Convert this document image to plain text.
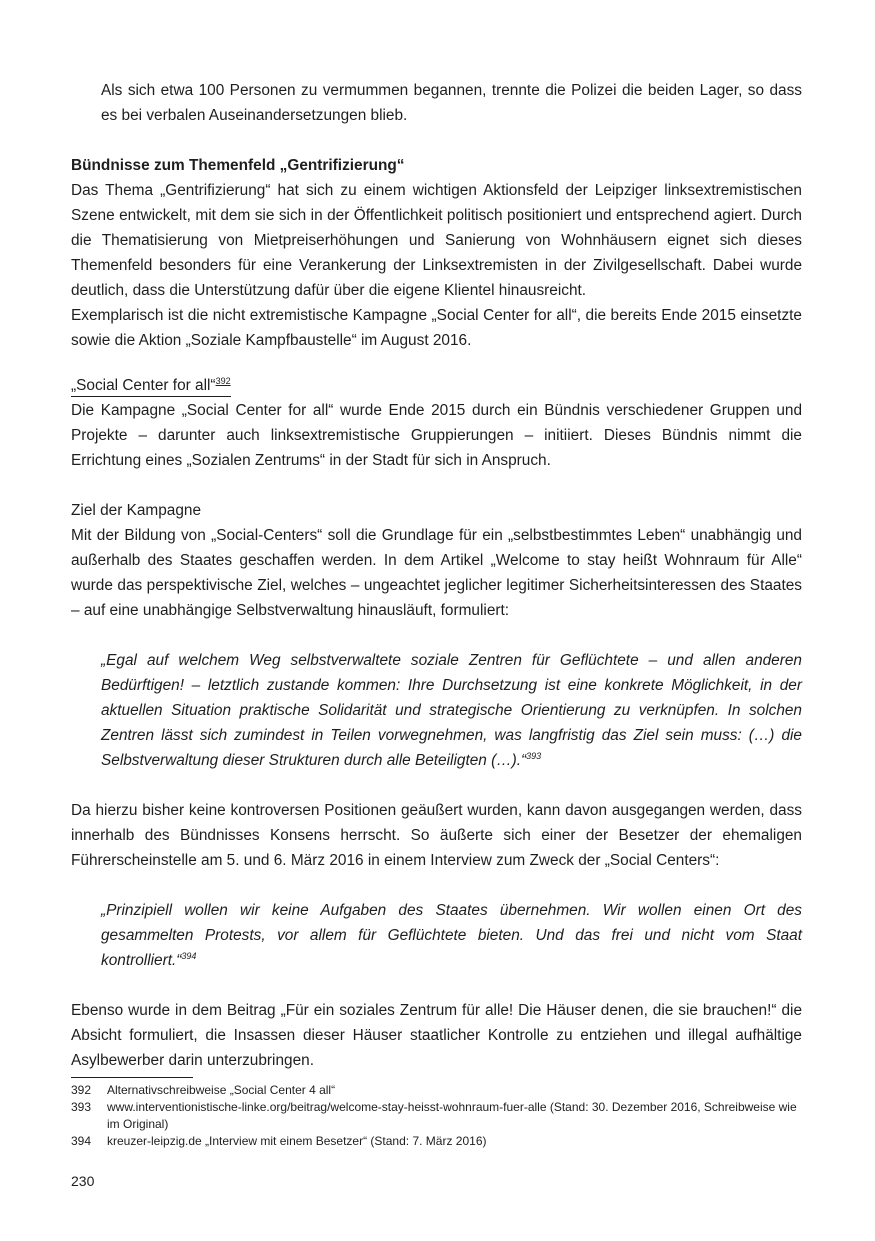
Als sich etwa 100 Personen zu vermummen begannen, trennte die Polizei die beiden Lager, so dass es bei verbalen Auseinandersetzungen blieb.

Bündnisse zum Themenfeld „Gentrifizierung“

Das Thema „Gentrifizierung“ hat sich zu einem wichtigen Aktionsfeld der Leipziger linksextremistischen Szene entwickelt, mit dem sie sich in der Öffentlichkeit politisch positioniert und entsprechend agiert. Durch die Thematisierung von Mietpreiserhöhungen und Sanierung von Wohnhäusern eignet sich dieses Themenfeld besonders für eine Verankerung der Linksextremisten in der Zivilgesellschaft. Dabei wurde deutlich, dass die Unterstützung dafür über die eigene Klientel hinausreicht.

Exemplarisch ist die nicht extremistische Kampagne „Social Center for all“, die bereits Ende 2015 einsetzte sowie die Aktion „Soziale Kampfbaustelle“ im August 2016.

„Social Center for all“$^{392}$

Die Kampagne „Social Center for all“ wurde Ende 2015 durch ein Bündnis verschiedener Gruppen und Projekte – darunter auch linksextremistische Gruppierungen – initiiert. Dieses Bündnis nimmt die Errichtung eines „Sozialen Zentrums“ in der Stadt für sich in Anspruch.

Ziel der Kampagne

Mit der Bildung von „Social-Centers“ soll die Grundlage für ein „selbstbestimmtes Leben“ unabhängig und außerhalb des Staates geschaffen werden. In dem Artikel „Welcome to stay heißt Wohnraum für Alle“ wurde das perspektivische Ziel, welches – ungeachtet jeglicher legitimer Sicherheitsinteressen des Staates – auf eine unabhängige Selbstverwaltung hinausläuft, formuliert:

„Egal auf welchem Weg selbstverwaltete soziale Zentren für Geflüchtete – und allen anderen Bedürftigen! – letztlich zustande kommen: Ihre Durchsetzung ist eine konkrete Möglichkeit, in der aktuellen Situation praktische Solidarität und strategische Orientierung zu verknüpfen. In solchen Zentren lässt sich zumindest in Teilen vorwegnehmen, was langfristig das Ziel sein muss: (…) die Selbstverwaltung dieser Strukturen durch alle Beteiligten (…).“$^{393}$

Da hierzu bisher keine kontroversen Positionen geäußert wurden, kann davon ausgegangen werden, dass innerhalb des Bündnisses Konsens herrscht. So äußerte sich einer der Besetzer der ehemaligen Führerscheinstelle am 5. und 6. März 2016 in einem Interview zum Zweck der „Social Centers“:

„Prinzipiell wollen wir keine Aufgaben des Staates übernehmen. Wir wollen einen Ort des gesammelten Protests, vor allem für Geflüchtete bieten. Und das frei und nicht vom Staat kontrolliert.“$^{394}$

Ebenso wurde in dem Beitrag „Für ein soziales Zentrum für alle! Die Häuser denen, die sie brauchen!“ die Absicht formuliert, die Insassen dieser Häuser staatlicher Kontrolle zu entziehen und illegal aufhältige Asylbewerber darin unterzubringen.

392	Alternativschreibweise „Social Center 4 all“
393	www.interventionistische-linke.org/beitrag/welcome-stay-heisst-wohnraum-fuer-alle (Stand: 30. Dezember 2016, Schreibweise wie im Original)
394	kreuzer-leipzig.de „Interview mit einem Besetzer“ (Stand: 7. März 2016)
230
